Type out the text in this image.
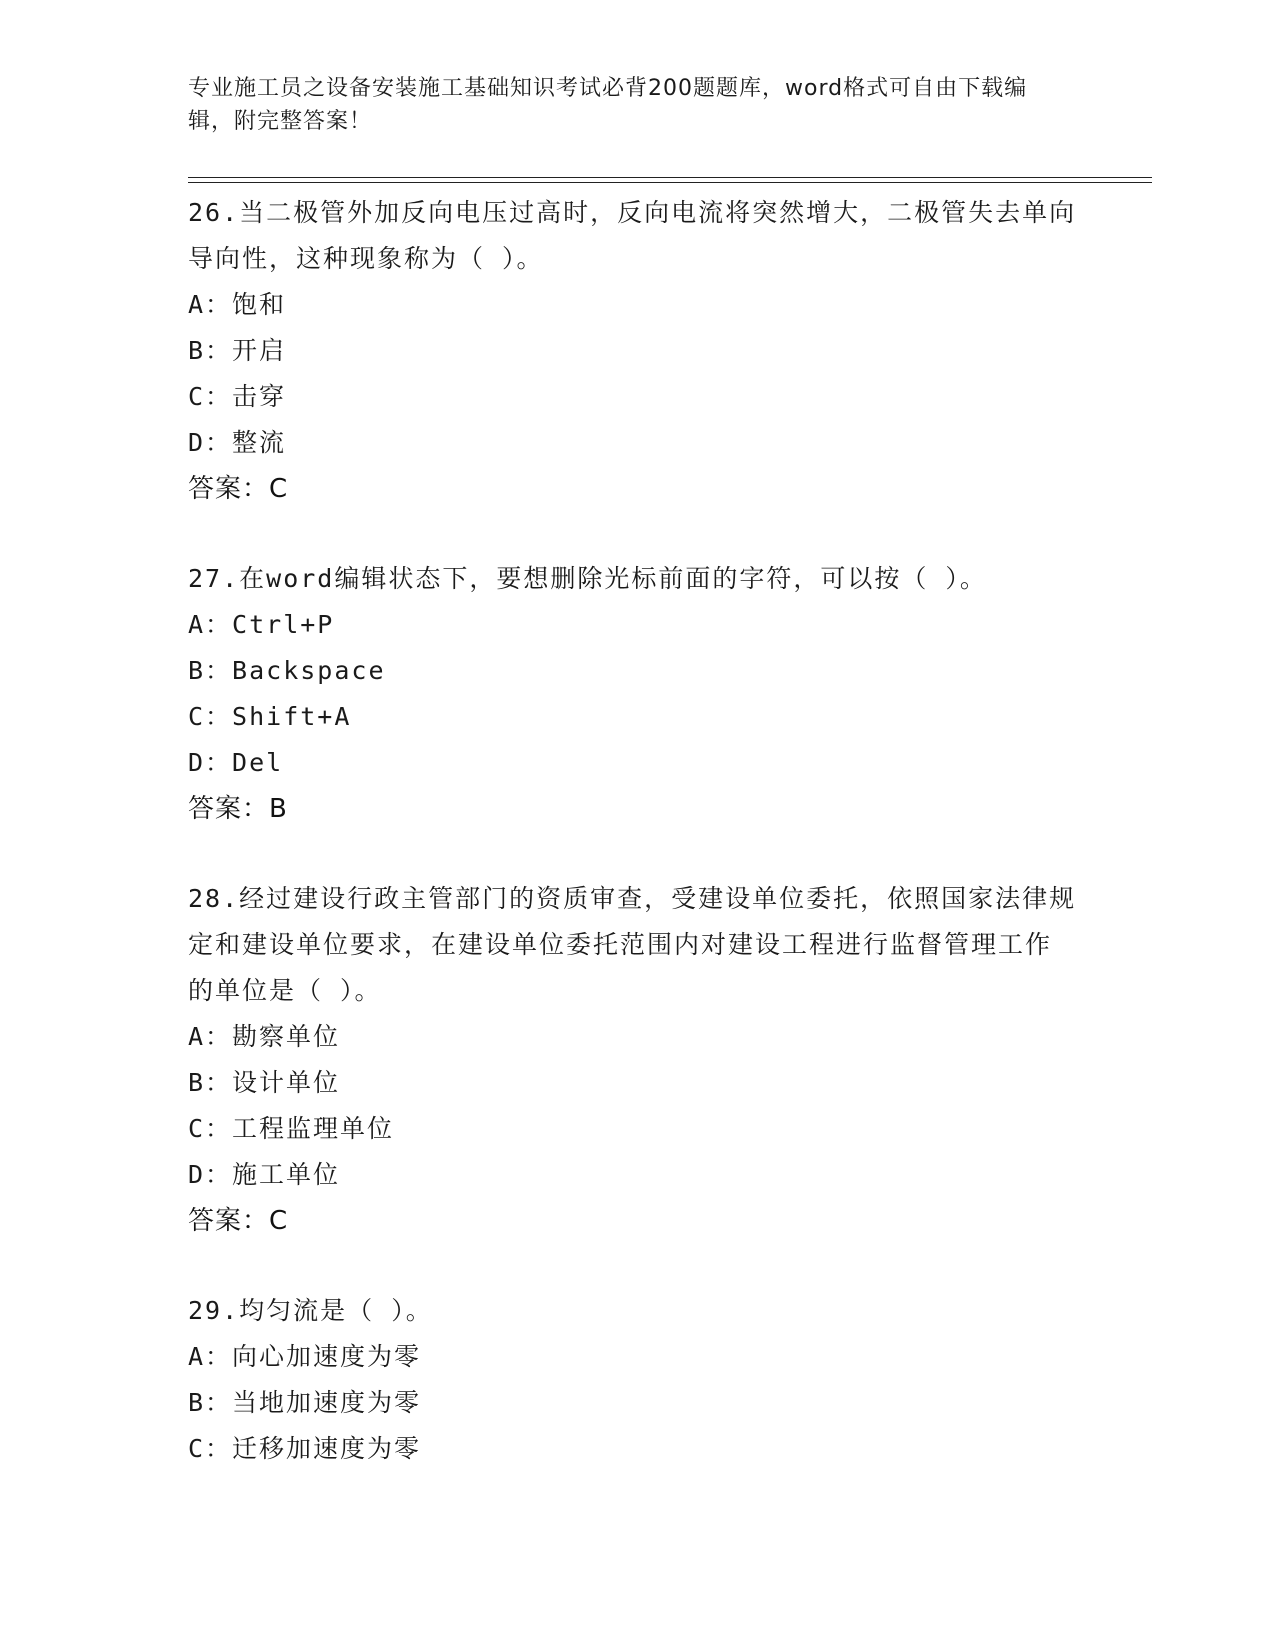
专业施工员之设备安装施工基础知识考试必背200题题库，word格式可自由下载编辑，附完整答案！
26.当二极管外加反向电压过高时，反向电流将突然增大，二极管失去单向导向性，这种现象称为（ ）。
A：饱和
B：开启
C：击穿
D：整流
答案：C
27.在word编辑状态下，要想删除光标前面的字符，可以按（ ）。
A：Ctrl+P
B：Backspace
C：Shift+A
D：Del
答案：B
28.经过建设行政主管部门的资质审查，受建设单位委托，依照国家法律规定和建设单位要求，在建设单位委托范围内对建设工程进行监督管理工作的单位是（ ）。
A：勘察单位
B：设计单位
C：工程监理单位
D：施工单位
答案：C
29.均匀流是（ ）。
A：向心加速度为零
B：当地加速度为零
C：迁移加速度为零
